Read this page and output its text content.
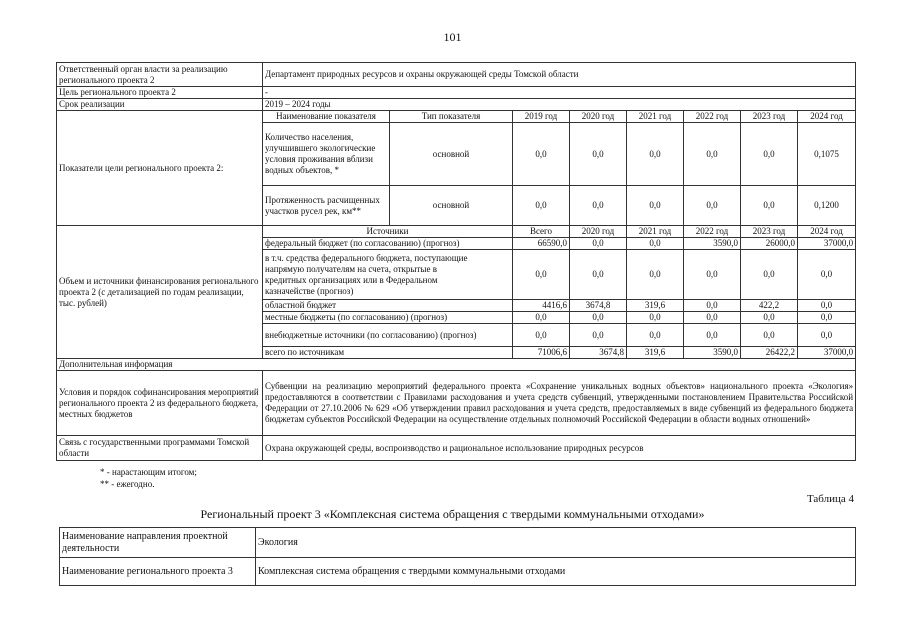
101
Ответственный орган власти за реализацию регионального проекта 2	Департамент природных ресурсов и охраны окружающей среды Томской области							
Цель регионального проекта 2	-							
Срок реализации	2019 – 2024 годы							
Показатели цели регионального проекта 2:	Наименование показателя	Тип показателя	2019 год	2020 год	2021 год	2022 год	2023 год	2024 год
	Количество населения, улучшившего экологические условия проживания вблизи водных объектов, *	основной	0,0	0,0	0,0	0,0	0,0	0,1075
	Протяженность расчищенных участков русел рек, км**	основной	0,0	0,0	0,0	0,0	0,0	0,1200
Объем и источники финансирования регионального проекта 2 (с детализацией по годам реализации, тыс. рублей)	Источники		Всего	2020 год	2021 год	2022 год	2023 год	2024 год
	федеральный бюджет (по согласованию) (прогноз)		66590,0	0,0	0,0	3590,0	26000,0	37000,0

	в т.ч. средства федерального бюджета, поступающие напрямую получателям на счета, открытые в кредитных организациях или в Федеральном казначействе (прогноз)		0,0	0,0	0,0	0,0	0,0	0,0
	областной бюджет		4416,6	3674,8	319,6	0,0	422,2	0,0
	местные бюджеты (по согласованию) (прогноз)		0,0	0,0	0,0	0,0	0,0	0,0
	внебюджетные источники (по согласованию) (прогноз)		0,0	0,0	0,0	0,0	0,0	0,0
	всего по источникам		71006,6	3674,8	319,6	3590,0	26422,2	37000,0
Дополнительная информация								
Условия и порядок софинансирования мероприятий регионального проекта 2 из федерального бюджета, местных бюджетов	Субвенции на реализацию мероприятий федерального проекта «Сохранение уникальных водных объектов» национального проекта «Экология» предоставляются в соответствии с Правилами расходования и учета средств субвенций, утвержденными постановлением Правительства Российской Федерации от 27.10.2006 № 629 «Об утверждении правил расходования и учета средств, предоставляемых в виде субвенций из федерального бюджета бюджетам субъектов Российской Федерации на осуществление отдельных полномочий Российской Федерации в области водных отношений»							
Связь с государственными программами Томской области	Охрана окружающей среды, воспроизводство и рациональное использование природных ресурсов							
* - нарастающим итогом;
** - ежегодно.
Таблица 4
Региональный проект 3 «Комплексная система обращения с твердыми коммунальными отходами»
Наименование направления проектной деятельности	Экология
Наименование регионального проекта 3	Комплексная система обращения с твердыми коммунальными отходами
